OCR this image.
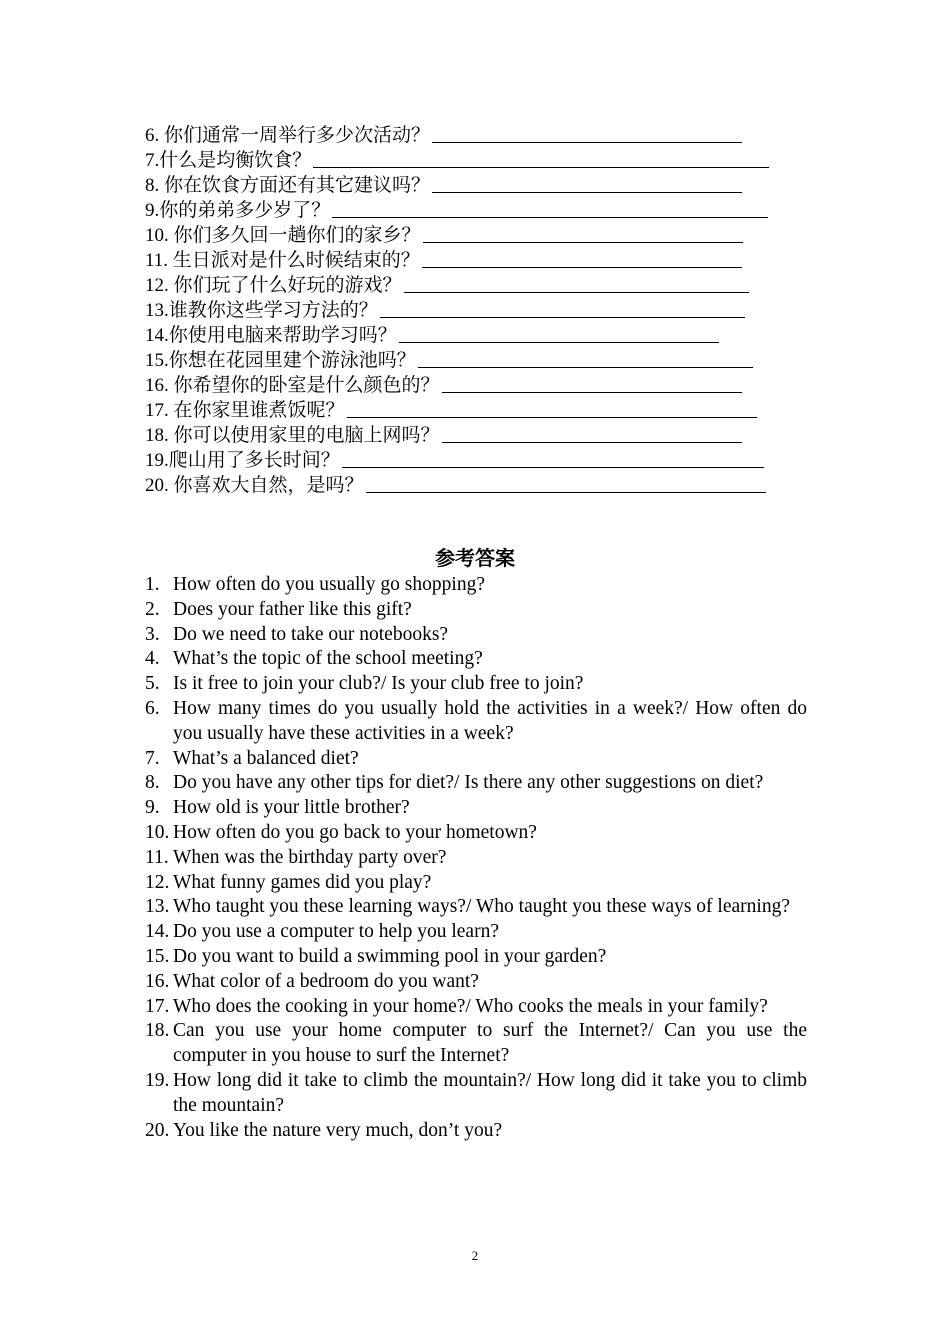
6. 你们通常一周举行多少次活动？
7.什么是均衡饮食？
8. 你在饮食方面还有其它建议吗？
9.你的弟弟多少岁了？
10. 你们多久回一趟你们的家乡？
11. 生日派对是什么时候结束的？
12. 你们玩了什么好玩的游戏？
13.谁教你这些学习方法的？
14.你使用电脑来帮助学习吗？
15.你想在花园里建个游泳池吗？
16. 你希望你的卧室是什么颜色的？
17. 在你家里谁煮饭呢？
18. 你可以使用家里的电脑上网吗？
19.爬山用了多长时间？
20. 你喜欢大自然，是吗？
参考答案
1. How often do you usually go shopping?
2. Does your father like this gift?
3. Do we need to take our notebooks?
4. What’s the topic of the school meeting?
5. Is it free to join your club?/ Is your club free to join?
6. How many times do you usually hold the activities in a week?/ How often do you usually have these activities in a week?
7. What’s a balanced diet?
8. Do you have any other tips for diet?/ Is there any other suggestions on diet?
9. How old is your little brother?
10. How often do you go back to your hometown?
11. When was the birthday party over?
12. What funny games did you play?
13. Who taught you these learning ways?/ Who taught you these ways of learning?
14. Do you use a computer to help you learn?
15. Do you want to build a swimming pool in your garden?
16. What color of a bedroom do you want?
17. Who does the cooking in your home?/ Who cooks the meals in your family?
18. Can you use your home computer to surf the Internet?/ Can you use the computer in you house to surf the Internet?
19. How long did it take to climb the mountain?/ How long did it take you to climb the mountain?
20. You like the nature very much, don’t you?
2
